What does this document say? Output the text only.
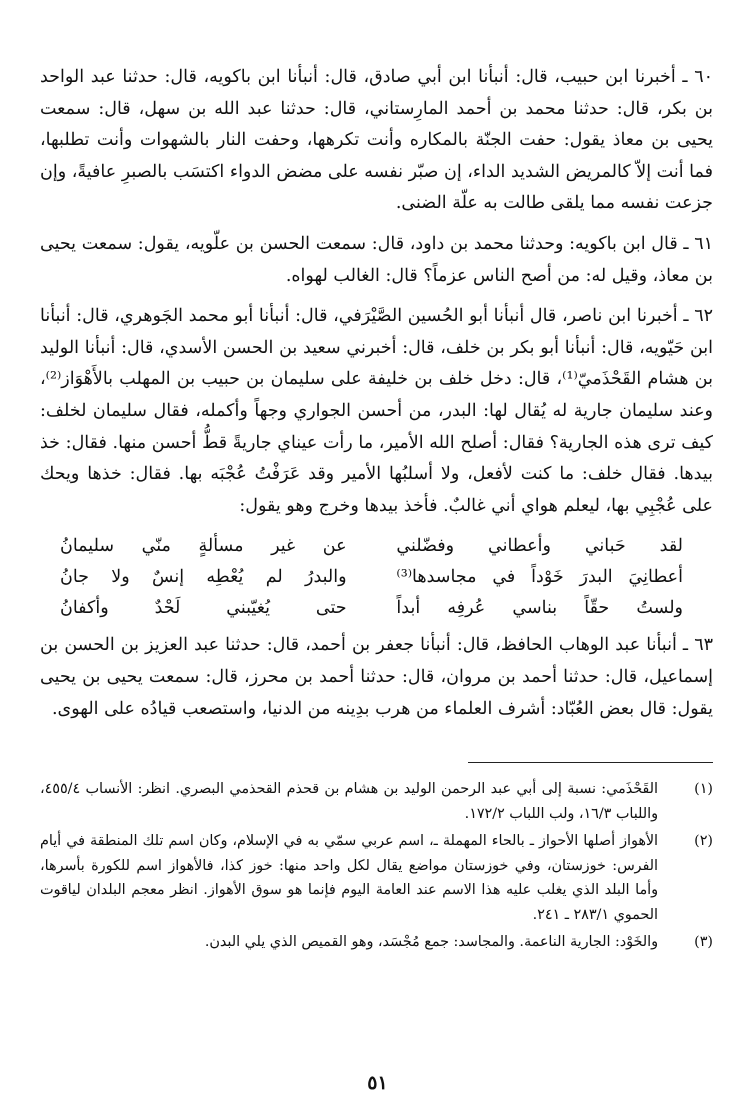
٦٠ ـ أخبرنا ابن حبيب، قال: أنبأنا ابن أبي صادق، قال: أنبأنا ابن باكويه، قال: حدثنا عبد الواحد بن بكر، قال: حدثنا محمد بن أحمد المارِستاني، قال: حدثنا عبد الله بن سهل، قال: سمعت يحيى بن معاذ يقول: حفت الجنّة بالمكاره وأنت تكرهها، وحفت النار بالشهوات وأنت تطلبها، فما أنت إلاّ كالمريض الشديد الداء، إن صبّر نفسه على مضض الدواء اكتسَب بالصبرِ عافيةً، وإن جزعت نفسه مما يلقى طالت به علّة الضنى.

٦١ ـ قال ابن باكويه: وحدثنا محمد بن داود، قال: سمعت الحسن بن علّويه، يقول: سمعت يحيى بن معاذ، وقيل له: من أصح الناس عزماً؟ قال: الغالب لهواه.

٦٢ ـ أخبرنا ابن ناصر، قال أنبأنا أبو الحُسين الصَّيْرَفي، قال: أنبأنا أبو محمد الجَوهري، قال: أنبأنا ابن حَيّويه، قال: أنبأنا أبو بكر بن خلف، قال: أخبرني سعيد بن الحسن الأسدي، قال: أنبأنا الوليد بن هشام القَحْذَميّ⁽¹⁾، قال: دخل خلف بن خليفة على سليمان بن حبيب بن المهلب بالأَهْوَاز⁽²⁾، وعند سليمان جارية له يُقال لها: البدر، من أحسن الجواري وجهاً وأكمله، فقال سليمان لخلف: كيف ترى هذه الجارية؟ فقال: أصلح الله الأمير، ما رأت عيناي جاريةً قطُّ أحسن منها. فقال: خذ بيدها. فقال خلف: ما كنت لأفعل، ولا أسلبُها الأمير وقد عَرَفْتُ عُجْبَه بها. فقال: خذها ويحك على عُجْبِي بها، ليعلم هواي أني غالبٌ. فأخذ بيدها وخرج وهو يقول:

لقد حَباني وأعطاني وفضّلني
عن غير مسألةٍ منّي سليمانُ
أعطانِيَ البدرَ خَوْداً في مجاسدها⁽³⁾
والبدرُ لم يُعْطِه إنسٌ ولا جانُ
ولستُ حقّاً بناسي عُرفِه أبداً
حتى يُغيّبني لَحْدٌ وأكفانُ

٦٣ ـ أنبأنا عبد الوهاب الحافظ، قال: أنبأنا جعفر بن أحمد، قال: حدثنا عبد العزيز بن الحسن بن إسماعيل، قال: حدثنا أحمد بن مروان، قال: حدثنا أحمد بن محرز، قال: سمعت يحيى بن يحيى يقول: قال بعض العُبّاد: أشرف العلماء من هرب بدِينه من الدنيا، واستصعب قيادُه على الهوى.

(١)
القَحْذَمي: نسبة إلى أبي عبد الرحمن الوليد بن هشام بن قحذم القحذمي البصري. انظر: الأنساب ٤٥٥/٤، واللباب ١٦/٣، ولب اللباب ١٧٢/٢.
(٢)
الأهواز أصلها الأحواز ـ بالحاء المهملة ـ، اسم عربي سمّي به في الإسلام، وكان اسم تلك المنطقة في أيام الفرس: خوزستان، وفي خوزستان مواضع يقال لكل واحد منها: خوز كذا، فالأهواز اسم للكورة بأسرها، وأما البلد الذي يغلب عليه هذا الاسم عند العامة اليوم فإنما هو سوق الأهواز. انظر معجم البلدان لياقوت الحموي ٢٨٣/١ ـ ٢٤١.
(٣)
والخَوْد: الجارية الناعمة. والمجاسد: جمع مُجْسَد، وهو القميص الذي يلي البدن.
٥١
